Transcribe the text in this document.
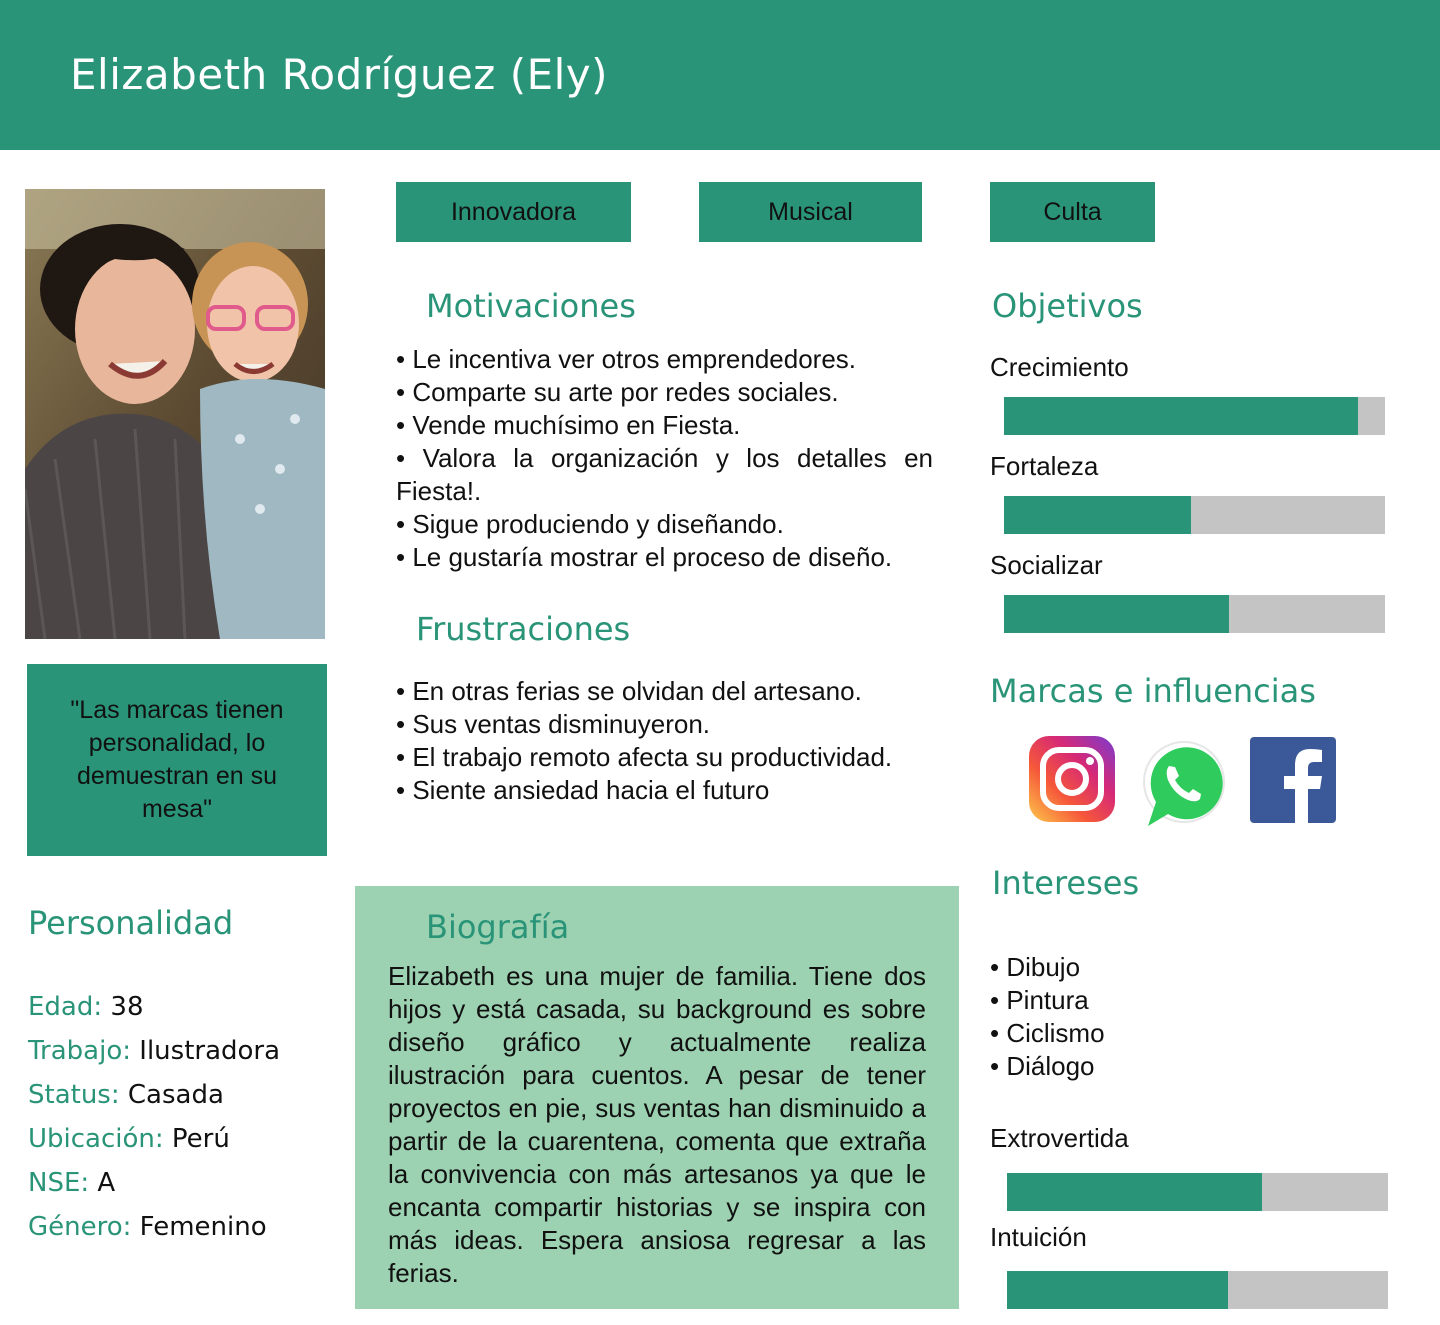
Elizabeth Rodríguez (Ely)
"Las marcas tienen personalidad, lo demuestran en su mesa"
Innovadora	Musical	Culta
Motivaciones
• Le incentiva ver otros emprendedores.
• Comparte su arte por redes sociales.
• Vende muchísimo en Fiesta.
• Valora la organización y los detalles en Fiesta!.
• Sigue produciendo y diseñando.
• Le gustaría mostrar el proceso de diseño.
Frustraciones
• En otras ferias se olvidan del artesano.
• Sus ventas disminuyeron.
• El trabajo remoto afecta su productividad.
• Siente ansiedad hacia el futuro
Biografía

Elizabeth es una mujer de familia. Tiene dos hijos y está casada, su background es sobre diseño gráfico y actualmente realiza ilustración para cuentos. A pesar de tener proyectos en pie, sus ventas han disminuido a partir de la cuarentena, comenta que extraña la convivencia con más artesanos ya que le encanta compartir historias y se inspira con más ideas. Espera ansiosa regresar a las ferias.

Personalidad
Edad: 38
Trabajo: Ilustradora
Status: Casada
Ubicación: Perú
NSE: A
Género: Femenino
Objetivos
Crecimiento
Fortaleza
Socializar
Marcas e influencias
Intereses
• Dibujo
• Pintura
• Ciclismo
• Diálogo
Extrovertida
Intuición
